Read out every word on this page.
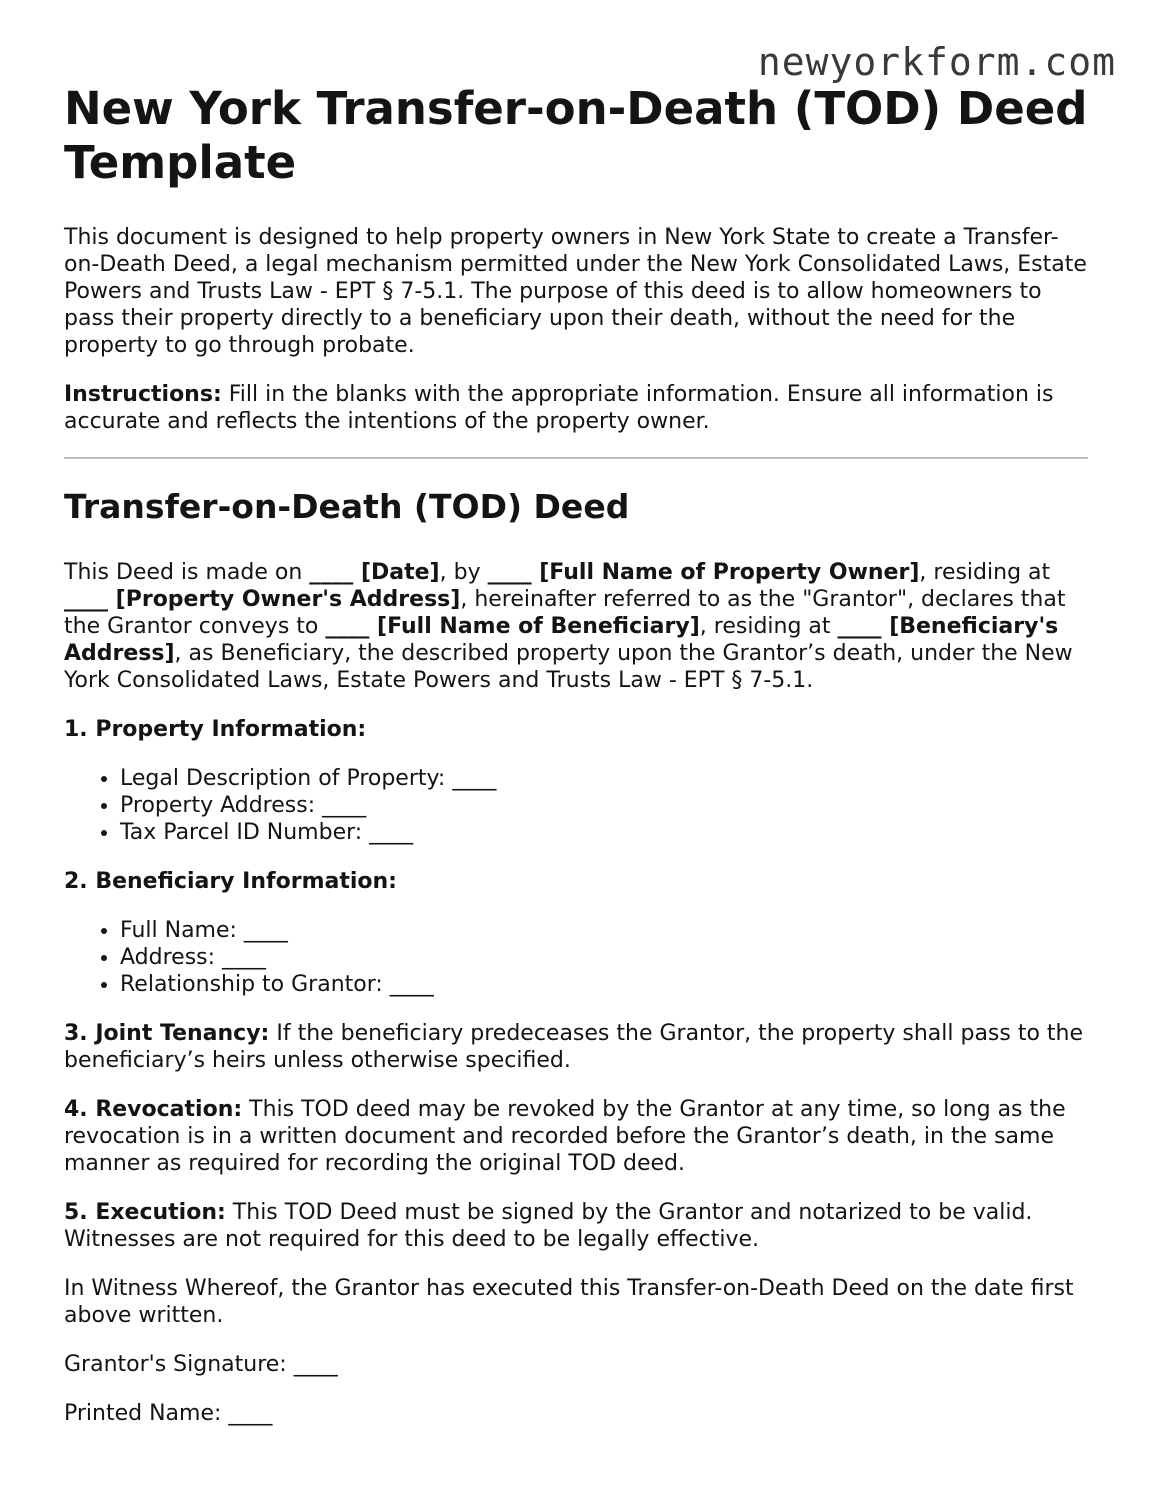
newyorkform.com
New York Transfer-on-Death (TOD) Deed Template

This document is designed to help property owners in New York State to create a Transfer-on-Death Deed, a legal mechanism permitted under the New York Consolidated Laws, Estate Powers and Trusts Law - EPT § 7-5.1. The purpose of this deed is to allow homeowners to pass their property directly to a beneficiary upon their death, without the need for the property to go through probate.

Instructions: Fill in the blanks with the appropriate information. Ensure all information is accurate and reflects the intentions of the property owner.

Transfer-on-Death (TOD) Deed

This Deed is made on ____ [Date], by ____ [Full Name of Property Owner], residing at ____ [Property Owner's Address], hereinafter referred to as the "Grantor", declares that the Grantor conveys to ____ [Full Name of Beneficiary], residing at ____ [Beneficiary's Address], as Beneficiary, the described property upon the Grantor’s death, under the New York Consolidated Laws, Estate Powers and Trusts Law - EPT § 7-5.1.

1. Property Information:

• Legal Description of Property: ____
• Property Address: ____
• Tax Parcel ID Number: ____

2. Beneficiary Information:

• Full Name: ____
• Address: ____
• Relationship to Grantor: ____

3. Joint Tenancy: If the beneficiary predeceases the Grantor, the property shall pass to the beneficiary’s heirs unless otherwise specified.

4. Revocation: This TOD deed may be revoked by the Grantor at any time, so long as the revocation is in a written document and recorded before the Grantor’s death, in the same manner as required for recording the original TOD deed.

5. Execution: This TOD Deed must be signed by the Grantor and notarized to be valid. Witnesses are not required for this deed to be legally effective.

In Witness Whereof, the Grantor has executed this Transfer-on-Death Deed on the date first above written.

Grantor's Signature: ____

Printed Name: ____
